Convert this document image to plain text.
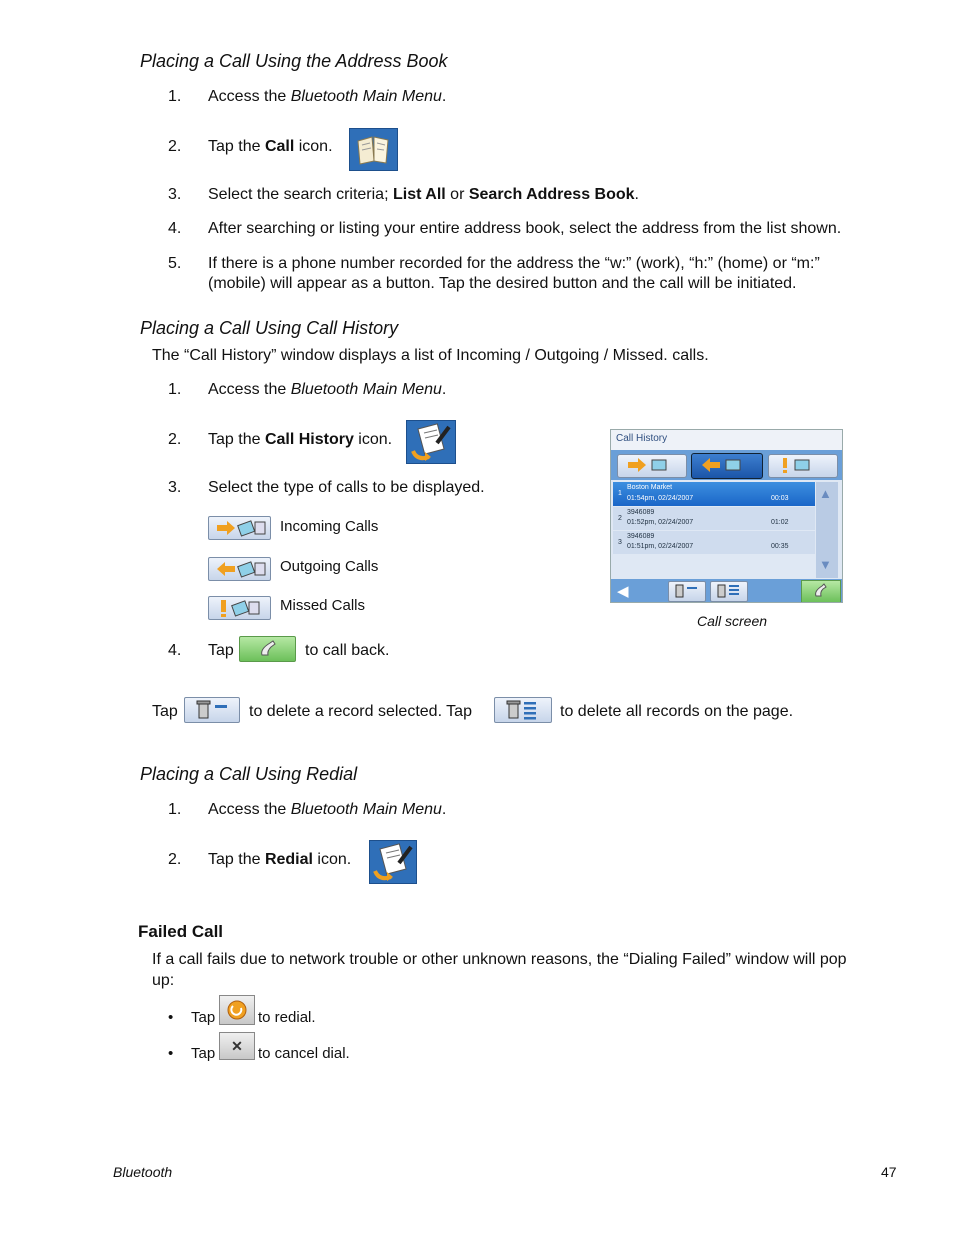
Placing a Call Using the Address Book
1. Access the Bluetooth Main Menu.
2. Tap the Call icon.
3. Select the search criteria; List All or Search Address Book.
4. After searching or listing your entire address book, select the address from the list shown.
5. If there is a phone number recorded for the address the “w:” (work), “h:” (home) or “m:”
(mobile) will appear as a button. Tap the desired button and the call will be initiated.
Placing a Call Using Call History
The “Call History” window displays a list of Incoming / Outgoing / Missed. calls.
1. Access the Bluetooth Main Menu.
2. Tap the Call History icon.
3. Select the type of calls to be displayed.
Incoming Calls
Outgoing Calls
Missed Calls
4. Tap	to call back.
Tap	to delete a record selected. Tap	to delete all records on the page.
Call History
1
Boston Market
01:54pm, 02/24/2007	00:03
2
3946089
01:52pm, 02/24/2007	01:02
3
3946089
01:51pm, 02/24/2007	00:35
▲
▼
◀
Call screen
Placing a Call Using Redial
1. Access the Bluetooth Main Menu.
2. Tap the Redial icon.
Failed Call
If a call fails due to network trouble or other unknown reasons, the “Dialing Failed” window will pop
up:
• Tap	to redial.
• Tap	✕	to cancel dial.
Bluetooth	47
